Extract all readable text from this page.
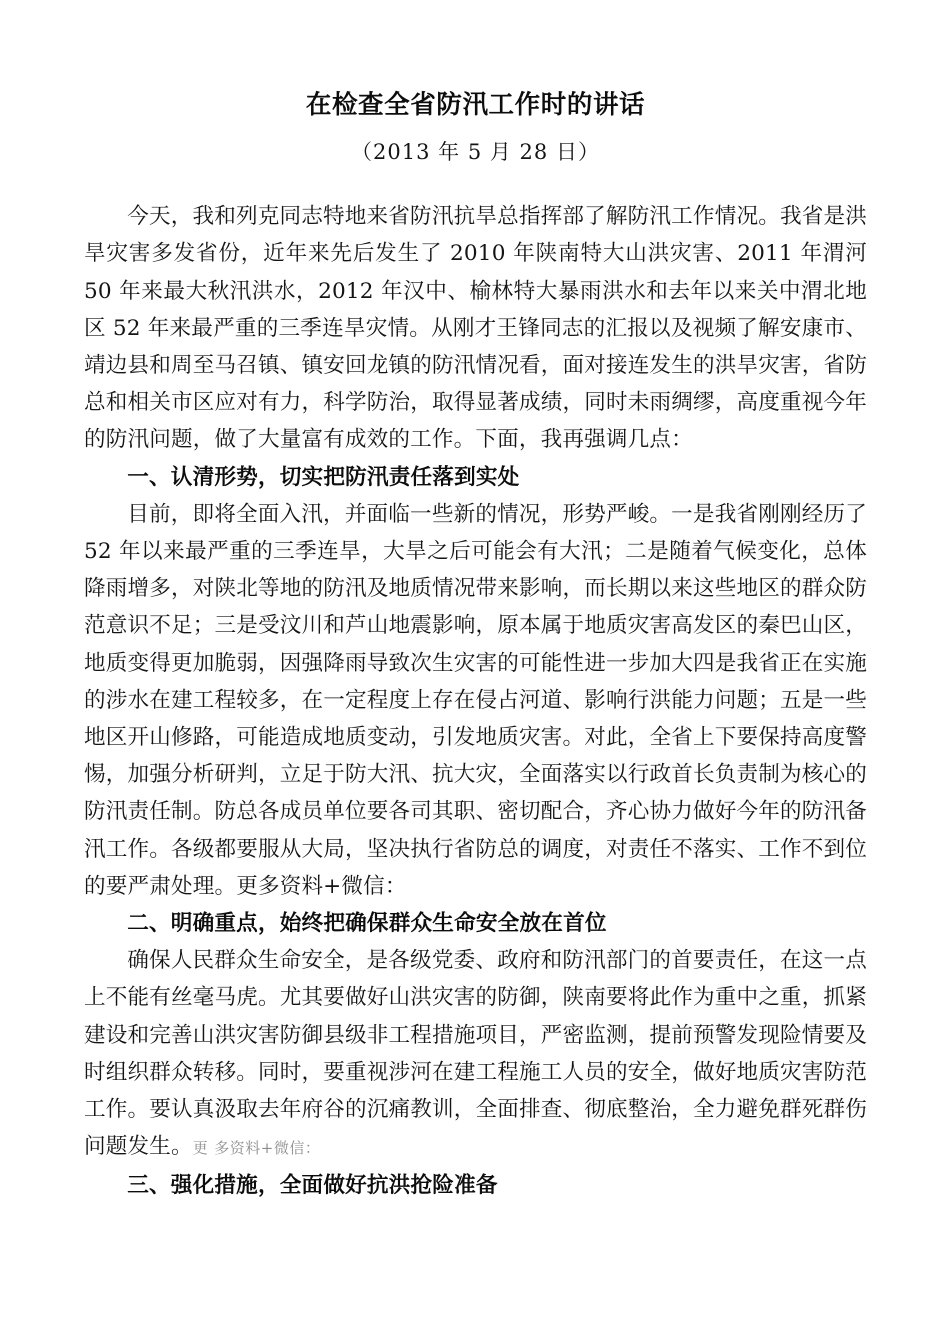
在检查全省防汛工作时的讲话
（2013 年 5 月 28 日）

今天，我和列克同志特地来省防汛抗旱总指挥部了解防汛工作情况。我省是洪旱灾害多发省份，近年来先后发生了 2010 年陕南特大山洪灾害、2011 年渭河 50 年来最大秋汛洪水，2012 年汉中、榆林特大暴雨洪水和去年以来关中渭北地区 52 年来最严重的三季连旱灾情。从刚才王锋同志的汇报以及视频了解安康市、靖边县和周至马召镇、镇安回龙镇的防汛情况看，面对接连发生的洪旱灾害，省防总和相关市区应对有力，科学防治，取得显著成绩，同时未雨绸缪，高度重视今年的防汛问题，做了大量富有成效的工作。下面，我再强调几点：

一、认清形势，切实把防汛责任落到实处

目前，即将全面入汛，并面临一些新的情况，形势严峻。一是我省刚刚经历了 52 年以来最严重的三季连旱，大旱之后可能会有大汛；二是随着气候变化，总体降雨增多，对陕北等地的防汛及地质情况带来影响，而长期以来这些地区的群众防范意识不足；三是受汶川和芦山地震影响，原本属于地质灾害高发区的秦巴山区，地质变得更加脆弱，因强降雨导致次生灾害的可能性进一步加大四是我省正在实施的涉水在建工程较多，在一定程度上存在侵占河道、影响行洪能力问题；五是一些地区开山修路，可能造成地质变动，引发地质灾害。对此，全省上下要保持高度警惕，加强分析研判，立足于防大汛、抗大灾，全面落实以行政首长负责制为核心的防汛责任制。防总各成员单位要各司其职、密切配合，齐心协力做好今年的防汛备汛工作。各级都要服从大局，坚决执行省防总的调度，对责任不落实、工作不到位的要严肃处理。更多资料+微信：

二、明确重点，始终把确保群众生命安全放在首位

确保人民群众生命安全，是各级党委、政府和防汛部门的首要责任，在这一点上不能有丝毫马虎。尤其要做好山洪灾害的防御，陕南要将此作为重中之重，抓紧建设和完善山洪灾害防御县级非工程措施项目，严密监测，提前预警发现险情要及时组织群众转移。同时，要重视涉河在建工程施工人员的安全，做好地质灾害防范工作。要认真汲取去年府谷的沉痛教训，全面排查、彻底整治，全力避免群死群伤问题发生。更 多资料+微信：

三、强化措施，全面做好抗洪抢险准备
